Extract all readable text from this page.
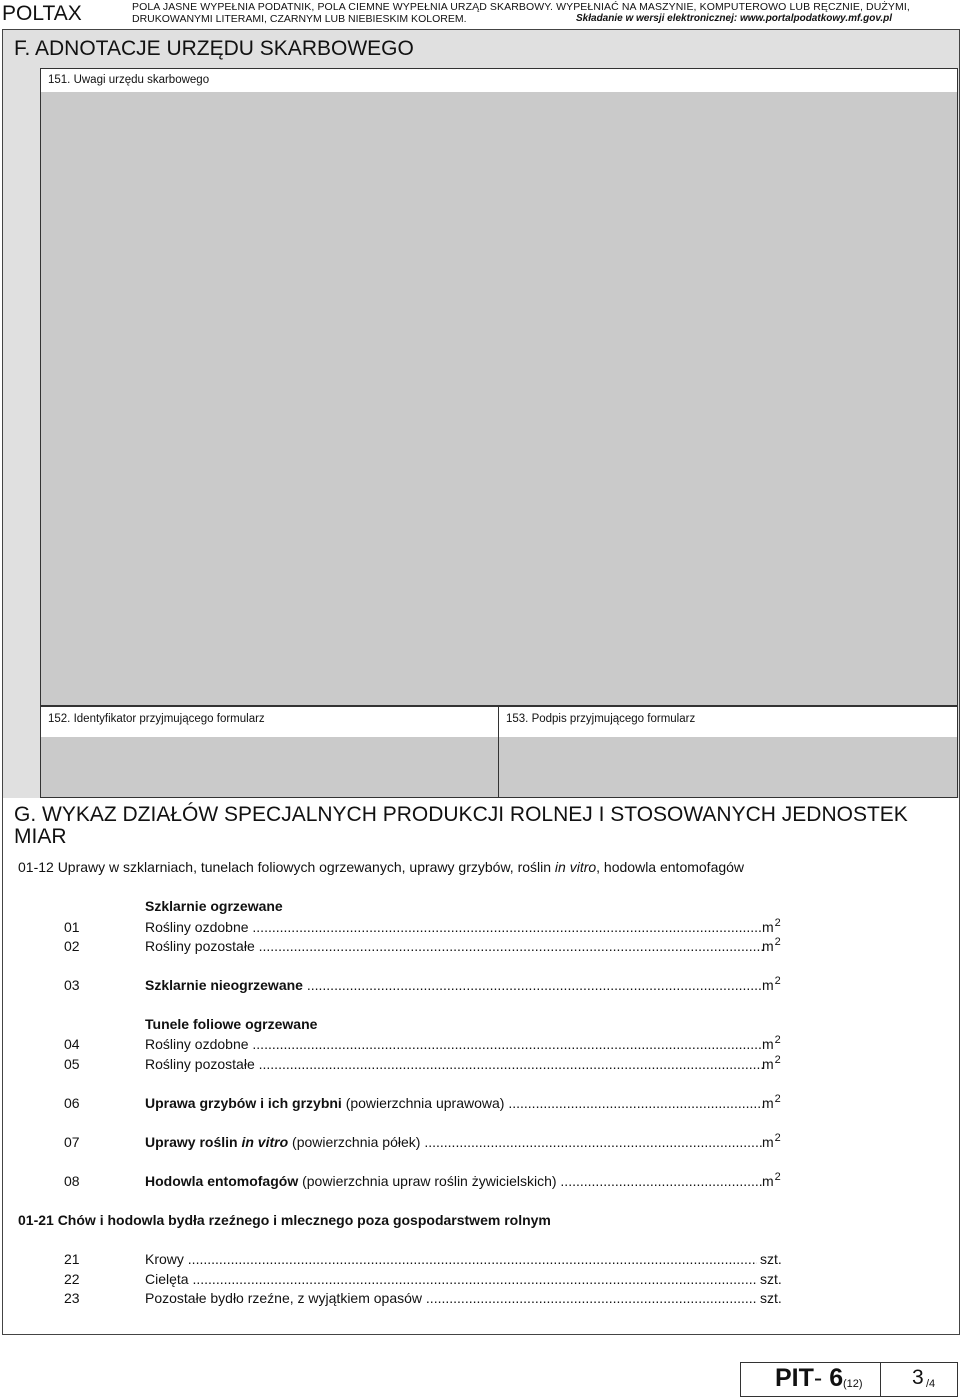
POLTAX	POLA JASNE WYPEŁNIA PODATNIK, POLA CIEMNE WYPEŁNIA URZĄD SKARBOWY. WYPEŁNIAĆ NA MASZYNIE, KOMPUTEROWO LUB RĘCZNIE, DUŻYMI,
DRUKOWANYMI LITERAMI, CZARNYM LUB NIEBIESKIM KOLOREM.	Składanie w wersji elektronicznej: www.portalpodatkowy.mf.gov.pl
F. ADNOTACJE URZĘDU SKARBOWEGO
151. Uwagi urzędu skarbowego
152. Identyfikator przyjmującego formularz	153. Podpis przyjmującego formularz
G. WYKAZ DZIAŁÓW SPECJALNYCH PRODUKCJI ROLNEJ I STOSOWANYCH JEDNOSTEK MIAR
01-12 Uprawy w szklarniach, tunelach foliowych ogrzewanych, uprawy grzybów, roślin in vitro, hodowla entomofagów
Szklarnie ogrzewane
01	Rośliny ozdobne .....	$m^2$
02	Rośliny pozostałe .....	$m^2$
03	Szklarnie nieogrzewane .....	$m^2$
Tunele foliowe ogrzewane
04	Rośliny ozdobne .....	$m^2$
05	Rośliny pozostałe .....	$m^2$
06	Uprawa grzybów i ich grzybni (powierzchnia uprawowa) .....	$m^2$
07	Uprawy roślin in vitro (powierzchnia półek) .....	$m^2$
08	Hodowla entomofagów (powierzchnia upraw roślin żywicielskich) .....	$m^2$
01-21 Chów i hodowla bydła rzeźnego i mlecznego poza gospodarstwem rolnym
21	Krowy .....	szt.
22	Cielęta .....	szt.
23	Pozostałe bydło rzeźne, z wyjątkiem opasów .....	szt.
PIT- 6 (12) 3 /4
